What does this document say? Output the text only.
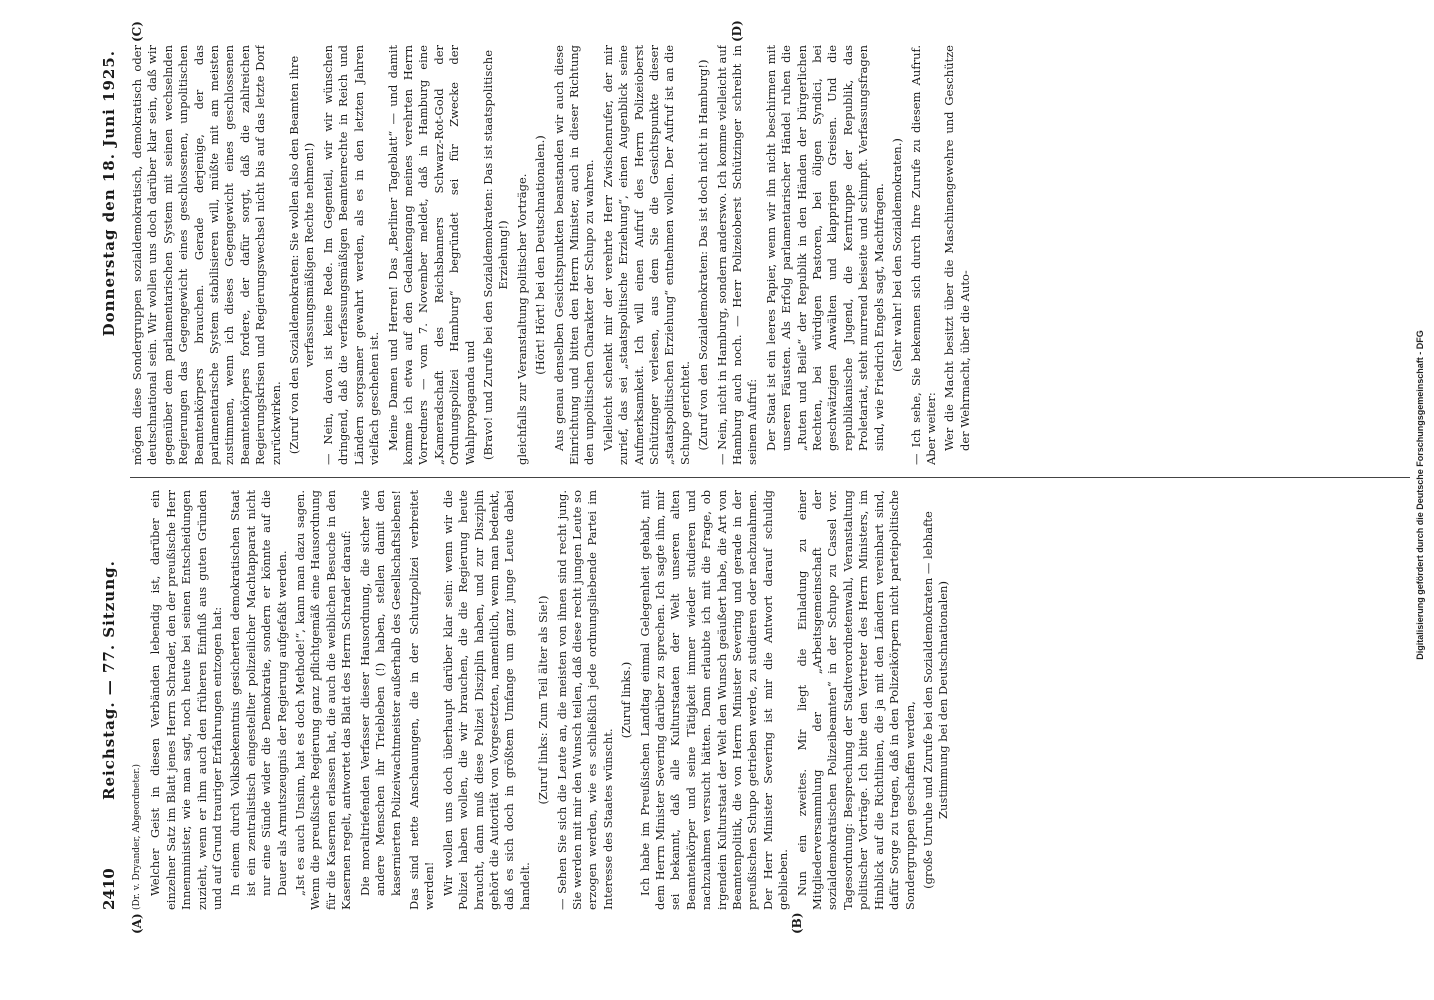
2410
Reichstag. — 77. Sitzung.
Donnerstag den 18. Juni 1925.

(Dr. v. Dryander, Abgeordneter.) Welcher Geist in diesen Verbänden lebendig ist, darüber ein einzelner Satz im Blatt jenes Herrn Schrader, den der preußische Herr Innenminister, wie man sagt, noch heute bei seinen Entscheidungen zuzieht, wenn er ihm auch den früheren Einfluß aus guten Gründen und auf Grund trauriger Erfahrungen entzogen hat: In einem durch Volksbekenntnis gesicherten demokratischen Staat ist ein zentralistisch eingestellter polizeilicher Machtapparat nicht nur eine Sünde wider die Demokratie, sondern er könnte auf die Dauer als Armutszeugnis der Regierung aufgefaßt werden. „Ist es auch Unsinn, hat es doch Methode!“, kann man dazu sagen. Wenn die preußische Regierung ganz pflichtgemäß eine Hausordnung für die Kasernen erlassen hat, die auch die weiblichen Besuche in den Kasernen regelt, antwortet das Blatt des Herrn Schrader darauf: Die moraltriefenden Verfasser dieser Hausordnung, die sicher wie andere Menschen ihr Triebleben (!) haben, stellen damit den kasernierten Polizeiwachtmeister außerhalb des Gesellschaftslebens! Das sind nette Anschauungen, die in der Schutzpolizei verbreitet werden! Wir wollen uns doch überhaupt darüber klar sein: wenn wir die Polizei haben wollen, die wir brauchen, die die Regierung heute braucht, dann muß diese Polizei Disziplin haben, und zur Disziplin gehört die Autorität von Vorgesetzten, namentlich, wenn man bedenkt, daß es sich doch in größtem Umfange um ganz junge Leute dabei handelt.

(Zuruf links: Zum Teil älter als Sie!) — Sehen Sie sich die Leute an, die meisten von ihnen sind recht jung. Sie werden mit mir den Wunsch teilen, daß diese recht jungen Leute so erzogen werden, wie es schließlich jede ordnungsliebende Partei im Interesse des Staates wünscht.

(Zuruf links.) Ich habe im Preußischen Landtag einmal Gelegenheit gehabt, mit dem Herrn Minister Severing darüber zu sprechen. Ich sagte ihm, mir sei bekannt, daß alle Kulturstaaten der Welt unseren alten Beamtenkörper und seine Tätigkeit immer wieder studieren und nachzuahmen versucht hätten. Dann erlaubte ich mit die Frage, ob irgendein Kulturstaat der Welt den Wunsch geäußert habe, die Art von Beamtenpolitik, die von Herrn Minister Severing und gerade in der preußischen Schupo getrieben werde, zu studieren oder nachzuahmen. Der Herr Minister Severing ist mir die Antwort darauf schuldig geblieben. Nun ein zweites. Mir liegt die Einladung zu einer Mitgliederversammlung der „Arbeitsgemeinschaft der sozialdemokratischen Polizeibeamten“ in der Schupo zu Cassel vor. Tagesordnung: Besprechung der Stadtverordnetenwahl, Veranstaltung politischer Vorträge. Ich bitte den Vertreter des Herrn Ministers, im Hinblick auf die Richtlinien, die ja mit den Ländern vereinbart sind, dafür Sorge zu tragen, daß in den Polizeikörpern nicht parteipolitische Sondergruppen geschaffen werden, (große Unruhe und Zurufe bei den Sozialdemokraten — lebhafte Zustimmung bei den Deutschnationalen)

mögen diese Sondergruppen sozialdemokratisch, demokratisch oder deutschnational sein. Wir wollen uns doch darüber klar sein, daß wir gegenüber dem parlamentarischen System mit seinen wechselnden Regierungen das Gegengewicht eines geschlossenen, unpolitischen Beamtenkörpers brauchen. Gerade derjenige, der das parlamentarische System stabilisieren will, müßte mit am meisten zustimmen, wenn ich dieses Gegengewicht eines geschlossenen Beamtenkörpers fordere, der dafür sorgt, daß die zahlreichen Regierungskrisen und Regierungswechsel nicht bis auf das letzte Dorf zurückwirken. (Zuruf von den Sozialdemokraten: Sie wollen also den Beamten ihre verfassungsmäßigen Rechte nehmen!) — Nein, davon ist keine Rede. Im Gegenteil, wir wir wünschen dringend, daß die verfassungsmäßigen Beamtenrechte in Reich und Ländern sorgsamer gewahrt werden, als es in den letzten Jahren vielfach geschehen ist. Meine Damen und Herren! Das „Berliner Tageblatt“ — und damit komme ich etwa auf den Gedankengang meines verehrten Herrn Vorredners — vom 7. November meldet, daß in Hamburg eine „Kameradschaft des Reichsbanners Schwarz-Rot-Gold der Ordnungspolizei Hamburg“ begründet sei für Zwecke der Wahlpropaganda und (Bravo! und Zurufe bei den Sozialdemokraten: Das ist staatspolitische Erziehung!) gleichfalls zur Veranstaltung politischer Vorträge. (Hört! Hört! bei den Deutschnationalen.) Aus genau denselben Gesichtspunkten beanstanden wir auch diese Einrichtung und bitten den Herrn Minister, auch in dieser Richtung den unpolitischen Charakter der Schupo zu wahren. Vielleicht schenkt mir der verehrte Herr Zwischenrufer, der mir zurief, das sei „staatspolitische Erziehung“, einen Augenblick seine Aufmerksamkeit. Ich will einen Aufruf des Herrn Polizeioberst Schützinger verlesen, aus dem Sie die Gesichtspunkte dieser „staatspolitischen Erziehung“ entnehmen wollen. Der Aufruf ist an die Schupo gerichtet. (Zuruf von den Sozialdemokraten: Das ist doch nicht in Hamburg!) — Nein, nicht in Hamburg, sondern anderswo. Ich komme vielleicht auf Hamburg auch noch. — Herr Polizeioberst Schützinger schreibt in seinem Aufruf: Der Staat ist ein leeres Papier, wenn wir ihn nicht beschirmen mit unseren Fäusten. Als Erfolg parlamentarischer Händel ruhen die „Ruten und Beile“ der Republik in den Händen der bürgerlichen Rechten, bei würdigen Pastoren, bei öligen Syndici, bei geschwätzigen Anwälten und klapprigen Greisen. Und die republikanische Jugend, die Kerntruppe der Republik, das Proletariat, steht murrend beiseite und schimpft. Verfassungsfragen sind, wie Friedrich Engels sagt, Machtfragen. (Sehr wahr! bei den Sozialdemokraten.) — Ich sehe, Sie bekennen sich durch Ihre Zurufe zu diesem Aufruf. Aber weiter: Wer die Macht besitzt über die Maschinengewehre und Geschütze der Wehrmacht, über die Auto-

(A)	(B)
(C)	(D)
Digitalisierung gefördert durch die Deutsche Forschungsgemeinschaft - DFG
